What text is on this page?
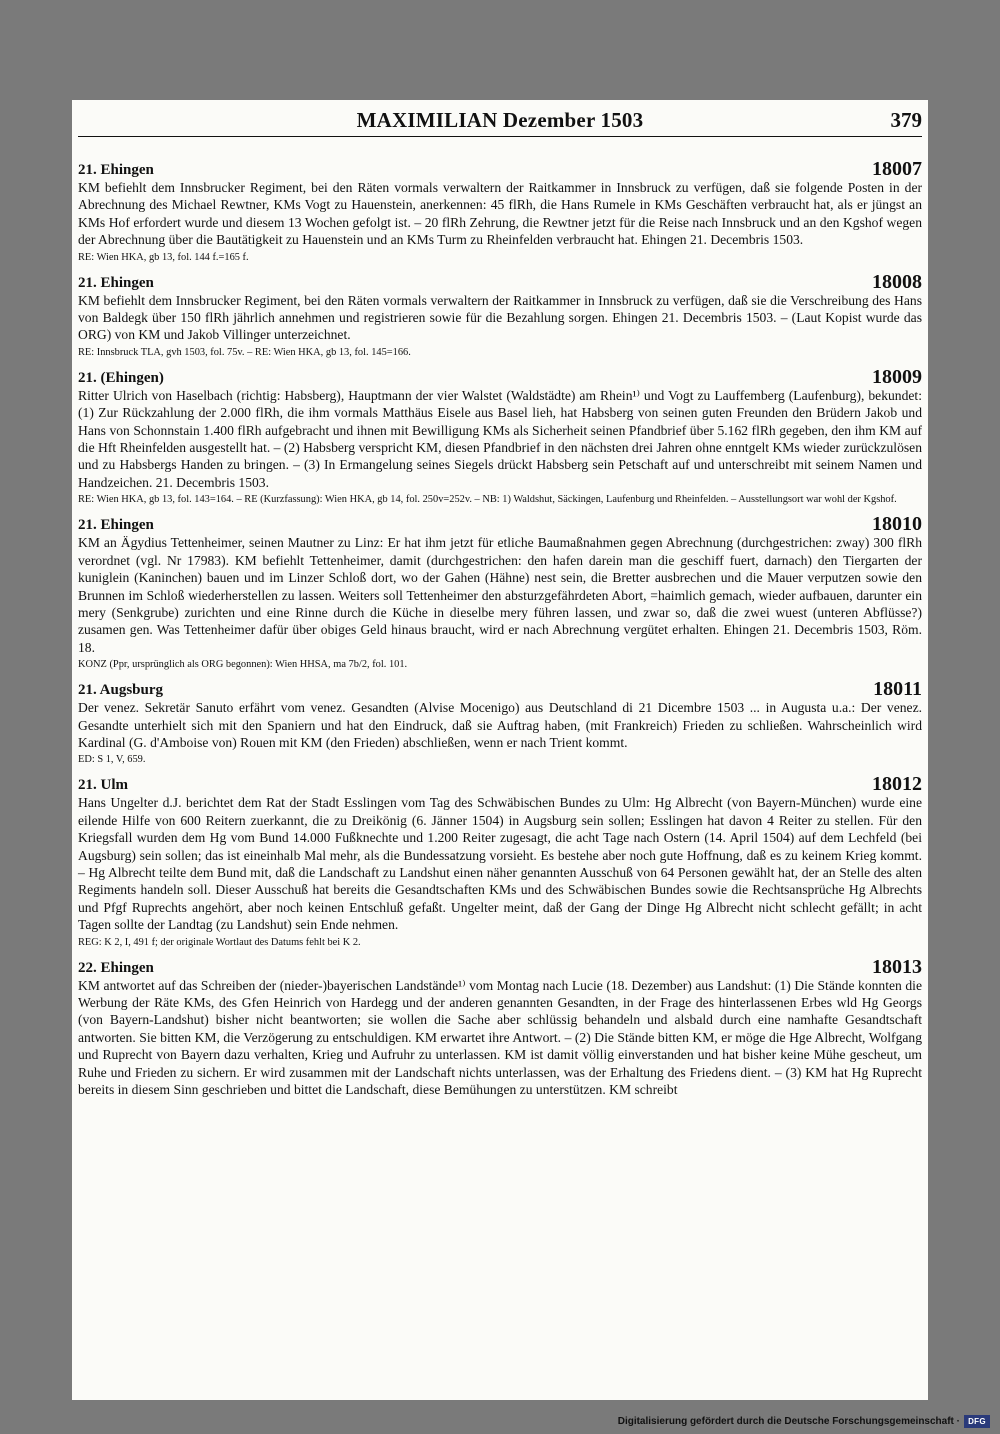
MAXIMILIAN Dezember 1503	379
21. Ehingen	18007

KM befiehlt dem Innsbrucker Regiment, bei den Räten vormals verwaltern der Raitkammer in Innsbruck zu verfügen, daß sie folgende Posten in der Abrechnung des Michael Rewtner, KMs Vogt zu Hauenstein, anerkennen: 45 flRh, die Hans Rumele in KMs Geschäften verbraucht hat, als er jüngst an KMs Hof erfordert wurde und diesem 13 Wochen gefolgt ist. – 20 flRh Zehrung, die Rewtner jetzt für die Reise nach Innsbruck und an den Kgshof wegen der Abrechnung über die Bautätigkeit zu Hauenstein und an KMs Turm zu Rheinfelden verbraucht hat. Ehingen 21. Decembris 1503.

RE: Wien HKA, gb 13, fol. 144 f.=165 f.
21. Ehingen	18008

KM befiehlt dem Innsbrucker Regiment, bei den Räten vormals verwaltern der Raitkammer in Innsbruck zu verfügen, daß sie die Verschreibung des Hans von Baldegk über 150 flRh jährlich annehmen und registrieren sowie für die Bezahlung sorgen. Ehingen 21. Decembris 1503. – (Laut Kopist wurde das ORG) von KM und Jakob Villinger unterzeichnet.

RE: Innsbruck TLA, gvh 1503, fol. 75v. – RE: Wien HKA, gb 13, fol. 145=166.
21. (Ehingen)	18009

Ritter Ulrich von Haselbach (richtig: Habsberg), Hauptmann der vier Walstet (Waldstädte) am Rhein¹⁾ und Vogt zu Lauffemberg (Laufenburg), bekundet: (1) Zur Rückzahlung der 2.000 flRh, die ihm vormals Matthäus Eisele aus Basel lieh, hat Habsberg von seinen guten Freunden den Brüdern Jakob und Hans von Schonnstain 1.400 flRh aufgebracht und ihnen mit Bewilligung KMs als Sicherheit seinen Pfandbrief über 5.162 flRh gegeben, den ihm KM auf die Hft Rheinfelden ausgestellt hat. – (2) Habsberg verspricht KM, diesen Pfandbrief in den nächsten drei Jahren ohne enntgelt KMs wieder zurückzulösen und zu Habsbergs Handen zu bringen. – (3) In Ermangelung seines Siegels drückt Habsberg sein Petschaft auf und unterschreibt mit seinem Namen und Handzeichen. 21. Decembris 1503.

RE: Wien HKA, gb 13, fol. 143=164. – RE (Kurzfassung): Wien HKA, gb 14, fol. 250v=252v. – NB: 1) Waldshut, Säckingen, Laufenburg und Rheinfelden. – Ausstellungsort war wohl der Kgshof.
21. Ehingen	18010

KM an Ägydius Tettenheimer, seinen Mautner zu Linz: Er hat ihm jetzt für etliche Baumaßnahmen gegen Abrechnung (durchgestrichen: zway) 300 flRh verordnet (vgl. Nr 17983). KM befiehlt Tettenheimer, damit (durchgestrichen: den hafen darein man die geschiff fuert, darnach) den Tiergarten der kuniglein (Kaninchen) bauen und im Linzer Schloß dort, wo der Gahen (Hähne) nest sein, die Bretter ausbrechen und die Mauer verputzen sowie den Brunnen im Schloß wiederherstellen zu lassen. Weiters soll Tettenheimer den absturzgefährdeten Abort, =haimlich gemach, wieder aufbauen, darunter ein mery (Senkgrube) zurichten und eine Rinne durch die Küche in dieselbe mery führen lassen, und zwar so, daß die zwei wuest (unteren Abflüsse?) zusamen gen. Was Tettenheimer dafür über obiges Geld hinaus braucht, wird er nach Abrechnung vergütet erhalten. Ehingen 21. Decembris 1503, Röm. 18.

KONZ (Ppr, ursprünglich als ORG begonnen): Wien HHSA, ma 7b/2, fol. 101.
21. Augsburg	18011

Der venez. Sekretär Sanuto erfährt vom venez. Gesandten (Alvise Mocenigo) aus Deutschland di 21 Dicembre 1503 ... in Augusta u.a.: Der venez. Gesandte unterhielt sich mit den Spaniern und hat den Eindruck, daß sie Auftrag haben, (mit Frankreich) Frieden zu schließen. Wahrscheinlich wird Kardinal (G. d'Amboise von) Rouen mit KM (den Frieden) abschließen, wenn er nach Trient kommt.

ED: S 1, V, 659.
21. Ulm	18012

Hans Ungelter d.J. berichtet dem Rat der Stadt Esslingen vom Tag des Schwäbischen Bundes zu Ulm: Hg Albrecht (von Bayern-München) wurde eine eilende Hilfe von 600 Reitern zuerkannt, die zu Dreikönig (6. Jänner 1504) in Augsburg sein sollen; Esslingen hat davon 4 Reiter zu stellen. Für den Kriegsfall wurden dem Hg vom Bund 14.000 Fußknechte und 1.200 Reiter zugesagt, die acht Tage nach Ostern (14. April 1504) auf dem Lechfeld (bei Augsburg) sein sollen; das ist eineinhalb Mal mehr, als die Bundessatzung vorsieht. Es bestehe aber noch gute Hoffnung, daß es zu keinem Krieg kommt. – Hg Albrecht teilte dem Bund mit, daß die Landschaft zu Landshut einen näher genannten Ausschuß von 64 Personen gewählt hat, der an Stelle des alten Regiments handeln soll. Dieser Ausschuß hat bereits die Gesandtschaften KMs und des Schwäbischen Bundes sowie die Rechtsansprüche Hg Albrechts und Pfgf Ruprechts angehört, aber noch keinen Entschluß gefaßt. Ungelter meint, daß der Gang der Dinge Hg Albrecht nicht schlecht gefällt; in acht Tagen sollte der Landtag (zu Landshut) sein Ende nehmen.

REG: K 2, I, 491 f; der originale Wortlaut des Datums fehlt bei K 2.
22. Ehingen	18013

KM antwortet auf das Schreiben der (nieder-)bayerischen Landstände¹⁾ vom Montag nach Lucie (18. Dezember) aus Landshut: (1) Die Stände konnten die Werbung der Räte KMs, des Gfen Heinrich von Hardegg und der anderen genannten Gesandten, in der Frage des hinterlassenen Erbes wld Hg Georgs (von Bayern-Landshut) bisher nicht beantworten; sie wollen die Sache aber schlüssig behandeln und alsbald durch eine namhafte Gesandtschaft antworten. Sie bitten KM, die Verzögerung zu entschuldigen. KM erwartet ihre Antwort. – (2) Die Stände bitten KM, er möge die Hge Albrecht, Wolfgang und Ruprecht von Bayern dazu verhalten, Krieg und Aufruhr zu unterlassen. KM ist damit völlig einverstanden und hat bisher keine Mühe gescheut, um Ruhe und Frieden zu sichern. Er wird zusammen mit der Landschaft nichts unterlassen, was der Erhaltung des Friedens dient. – (3) KM hat Hg Ruprecht bereits in diesem Sinn geschrieben und bittet die Landschaft, diese Bemühungen zu unterstützen. KM schreibt

Digitalisierung gefördert durch die Deutsche Forschungsgemeinschaft ·	DFG
